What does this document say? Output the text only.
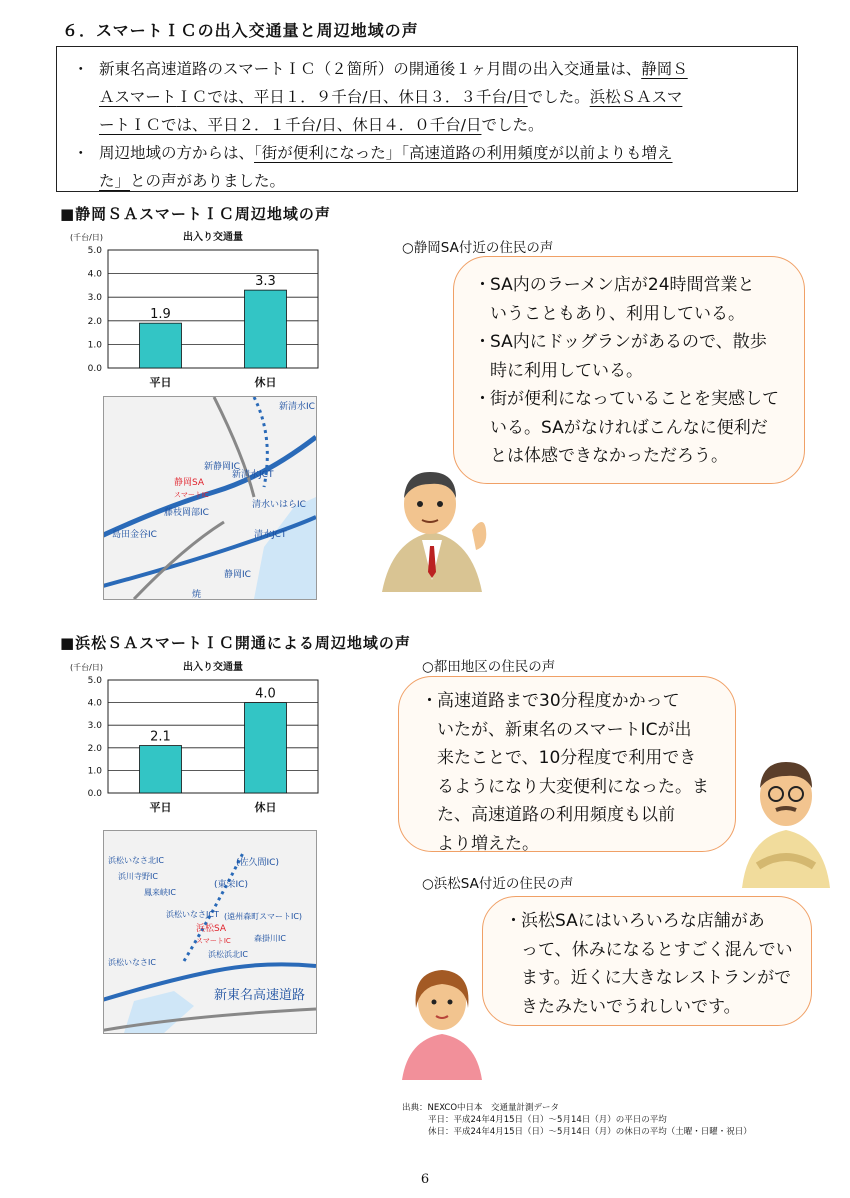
６．スマートＩＣの出入交通量と周辺地域の声
・ 新東名高速道路のスマートＩＣ（２箇所）の開通後１ヶ月間の出入交通量は、静岡Ｓ
ＡスマートＩＣでは、平日１．９千台/日、休日３．３千台/日でした。浜松ＳＡスマ
ートＩＣでは、平日２．１千台/日、休日４．０千台/日でした。
・ 周辺地域の方からは、「街が便利になった」「高速道路の利用頻度が以前よりも増え
た」との声がありました。
■静岡ＳＡスマートＩＣ周辺地域の声
出入り交通量
(千台/日)
0.0
1.0
2.0
3.0
4.0
5.0
1.9
平日
3.3
休日
新清水IC
新静岡IC
新清水JCT
静岡SA
スマートIC
藤枝岡部IC
島田金谷IC
清水いはらIC
清水JCT
静岡IC
焼
○静岡SA付近の住民の声
・ SA内のラーメン店が24時間営業と
いうこともあり、利用している。
・ SA内にドッグランがあるので、散歩
時に利用している。
・ 街が便利になっていることを実感して
いる。SAがなければこんなに便利だ
とは体感できなかっただろう。
■浜松ＳＡスマートＩＣ開通による周辺地域の声
出入り交通量
(千台/日)
0.0
1.0
2.0
3.0
4.0
5.0
2.1
平日
4.0
休日
(佐久間IC)
(東栄IC)
浜松いなさ北IC
浜川寺野IC
鳳来峡IC
浜松いなさJCT
浜松SA
スマートIC
浜松浜北IC
(遠州森町スマートIC)
森掛川IC
浜松いなさIC
新東名高速道路
○都田地区の住民の声
・ 高速道路まで30分程度かかって
いたが、新東名のスマートICが出
来たことで、10分程度で利用でき
るようになり大変便利になった。ま
た、高速道路の利用頻度も以前
より増えた。
○浜松SA付近の住民の声
・ 浜松SAにはいろいろな店舗があ
って、休みになるとすごく混んでい
ます。近くに大きなレストランがで
きたみたいでうれしいです。
出典：NEXCO中日本　交通量計測データ
平日：平成24年4月15日（日）～5月14日（月）の平日の平均
休日：平成24年4月15日（日）～5月14日（月）の休日の平均（土曜・日曜・祝日）
6
